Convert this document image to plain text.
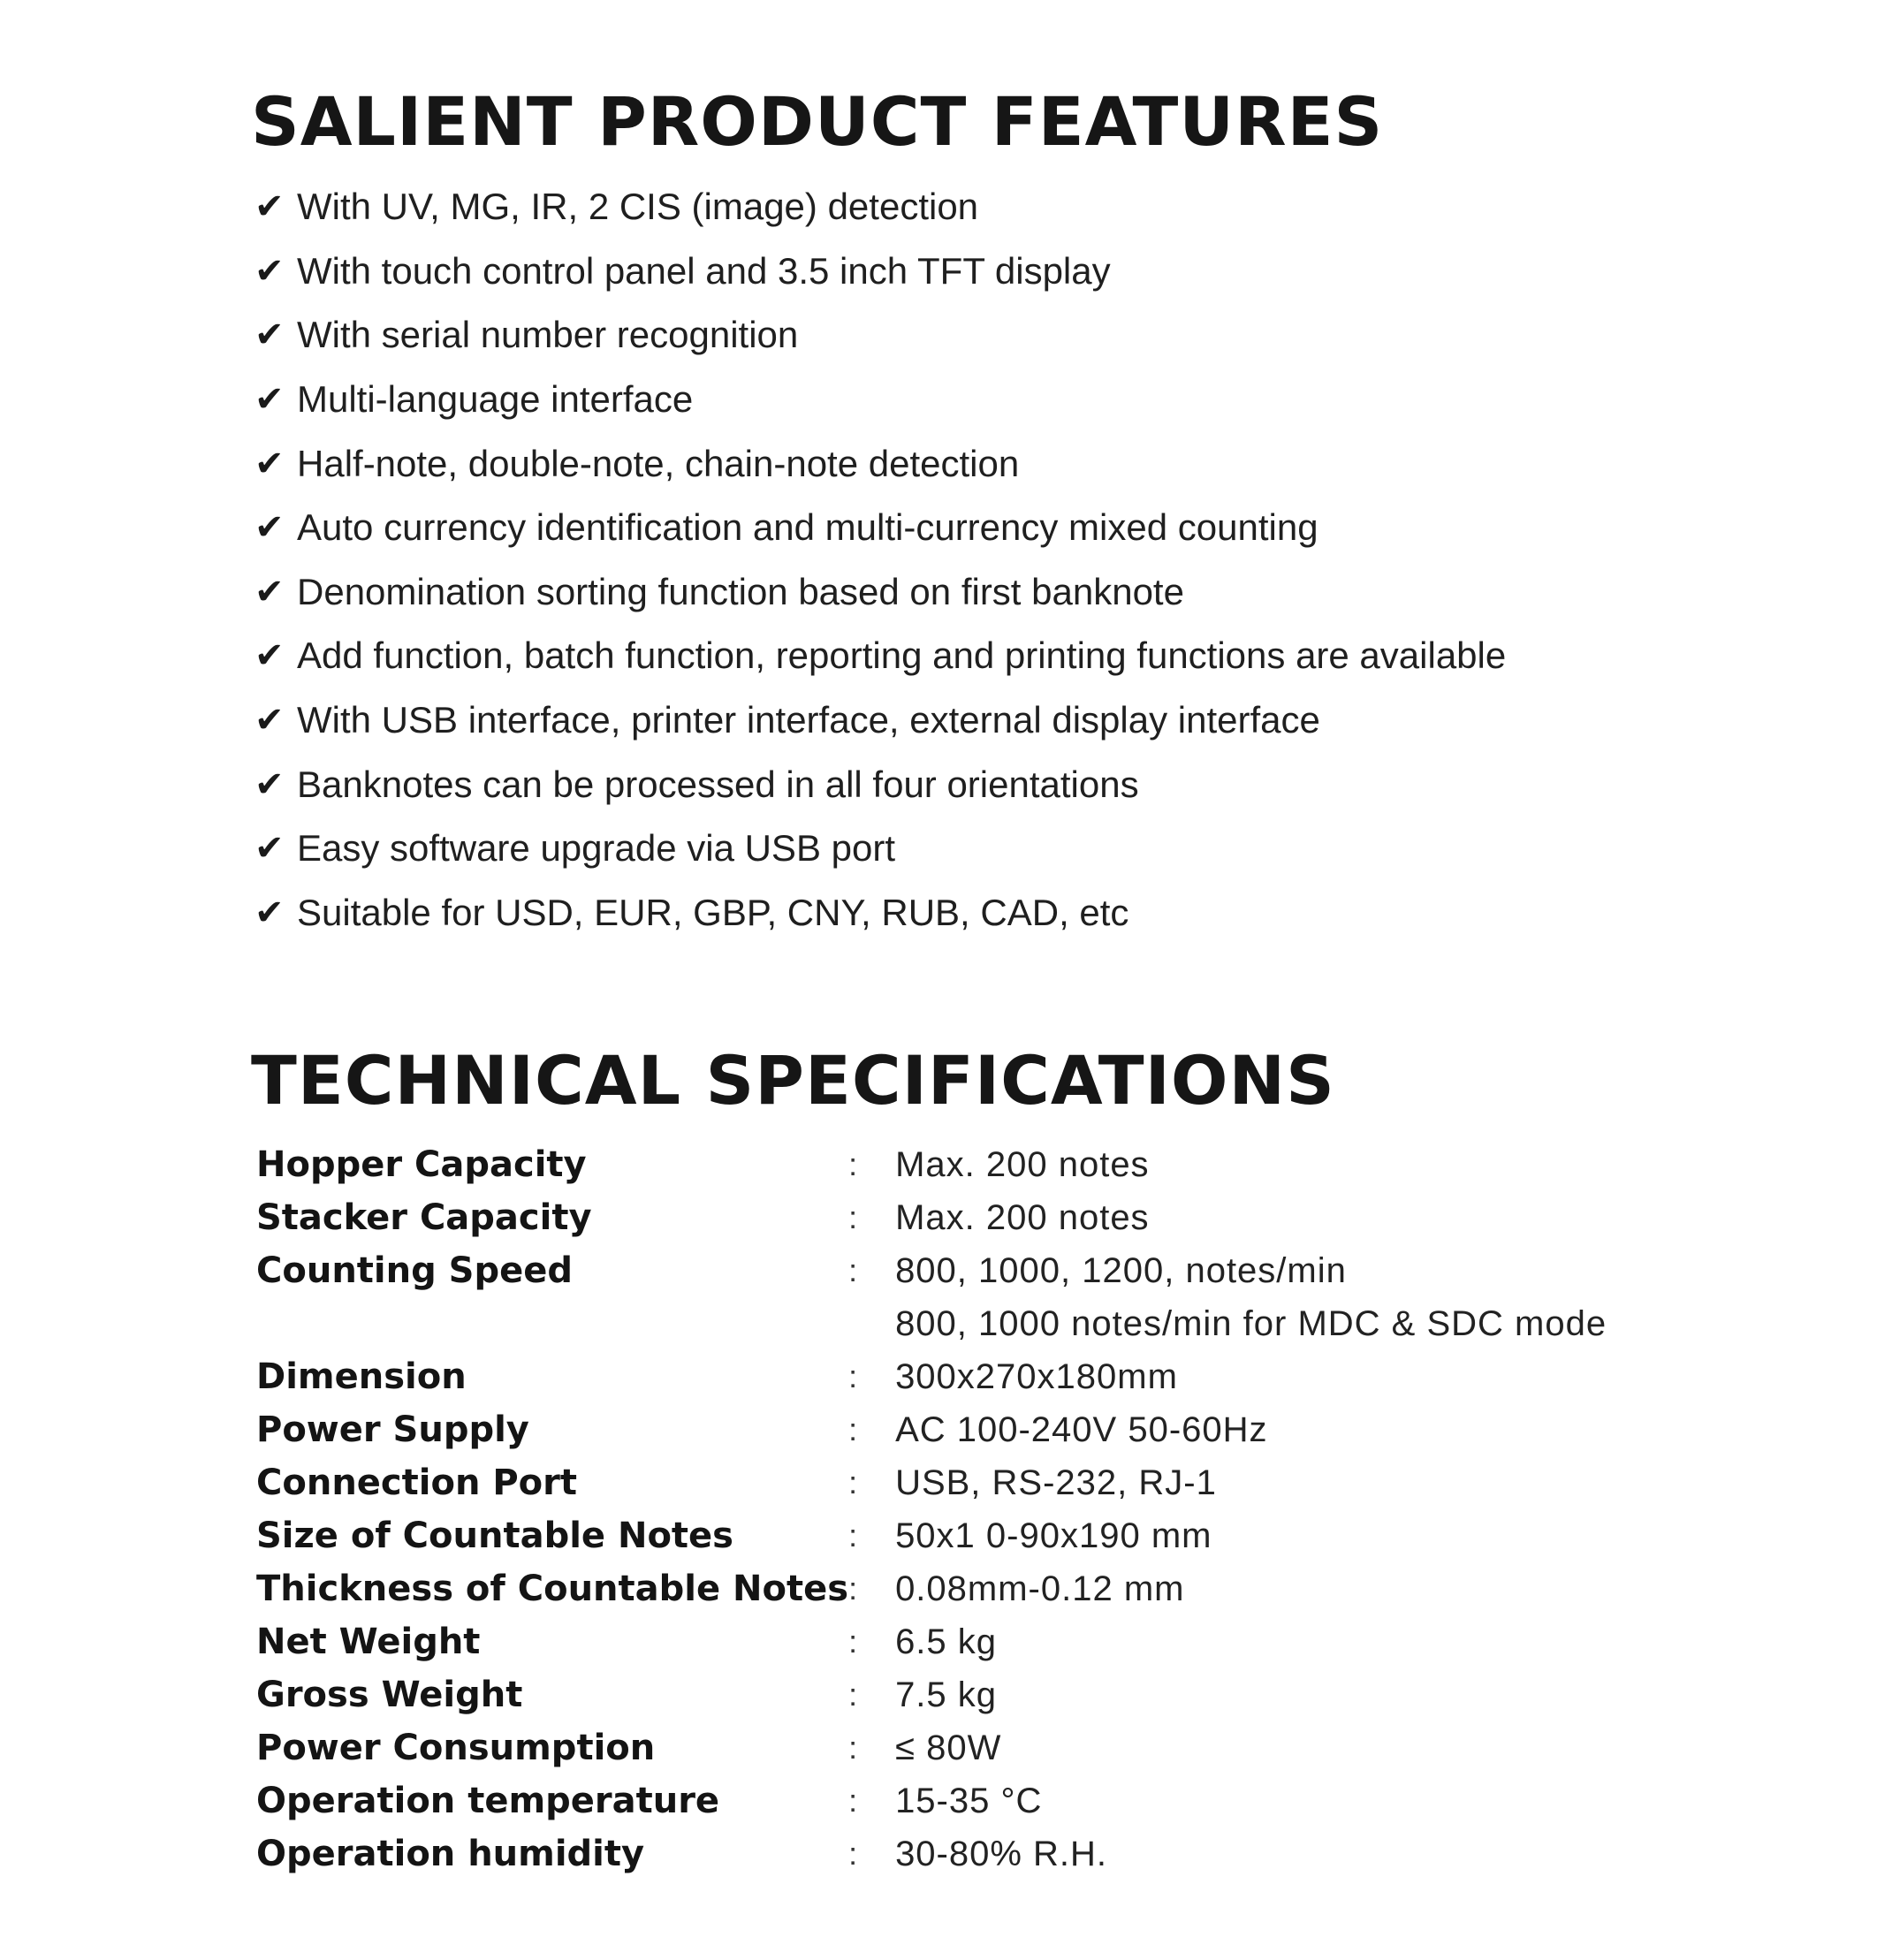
SALIENT PRODUCT FEATURES
✔ With UV, MG, IR, 2 CIS (image) detection
✔ With touch control panel and 3.5 inch TFT display
✔ With serial number recognition
✔ Multi-language interface
✔ Half-note, double-note, chain-note detection
✔ Auto currency identification and multi-currency mixed counting
✔ Denomination sorting function based on first banknote
✔ Add function, batch function, reporting and printing functions are available
✔ With USB interface, printer interface, external display interface
✔ Banknotes can be processed in all four orientations
✔ Easy software upgrade via USB port
✔ Suitable for USD, EUR, GBP, CNY, RUB, CAD, etc
TECHNICAL SPECIFICATIONS
Hopper Capacity	:	Max. 200 notes
Stacker Capacity	:	Max. 200 notes
Counting Speed	:	800, 1000, 1200, notes/min
		800, 1000 notes/min for MDC & SDC mode
Dimension	:	300x270x180mm
Power Supply	:	AC 100-240V 50-60Hz
Connection Port	:	USB, RS-232, RJ-1
Size of Countable Notes	:	50x1 0-90x190 mm
Thickness of Countable Notes	:	0.08mm-0.12 mm
Net Weight	:	6.5 kg
Gross Weight	:	7.5 kg
Power Consumption	:	≤ 80W
Operation temperature	:	15-35 °C
Operation humidity	:	30-80% R.H.
